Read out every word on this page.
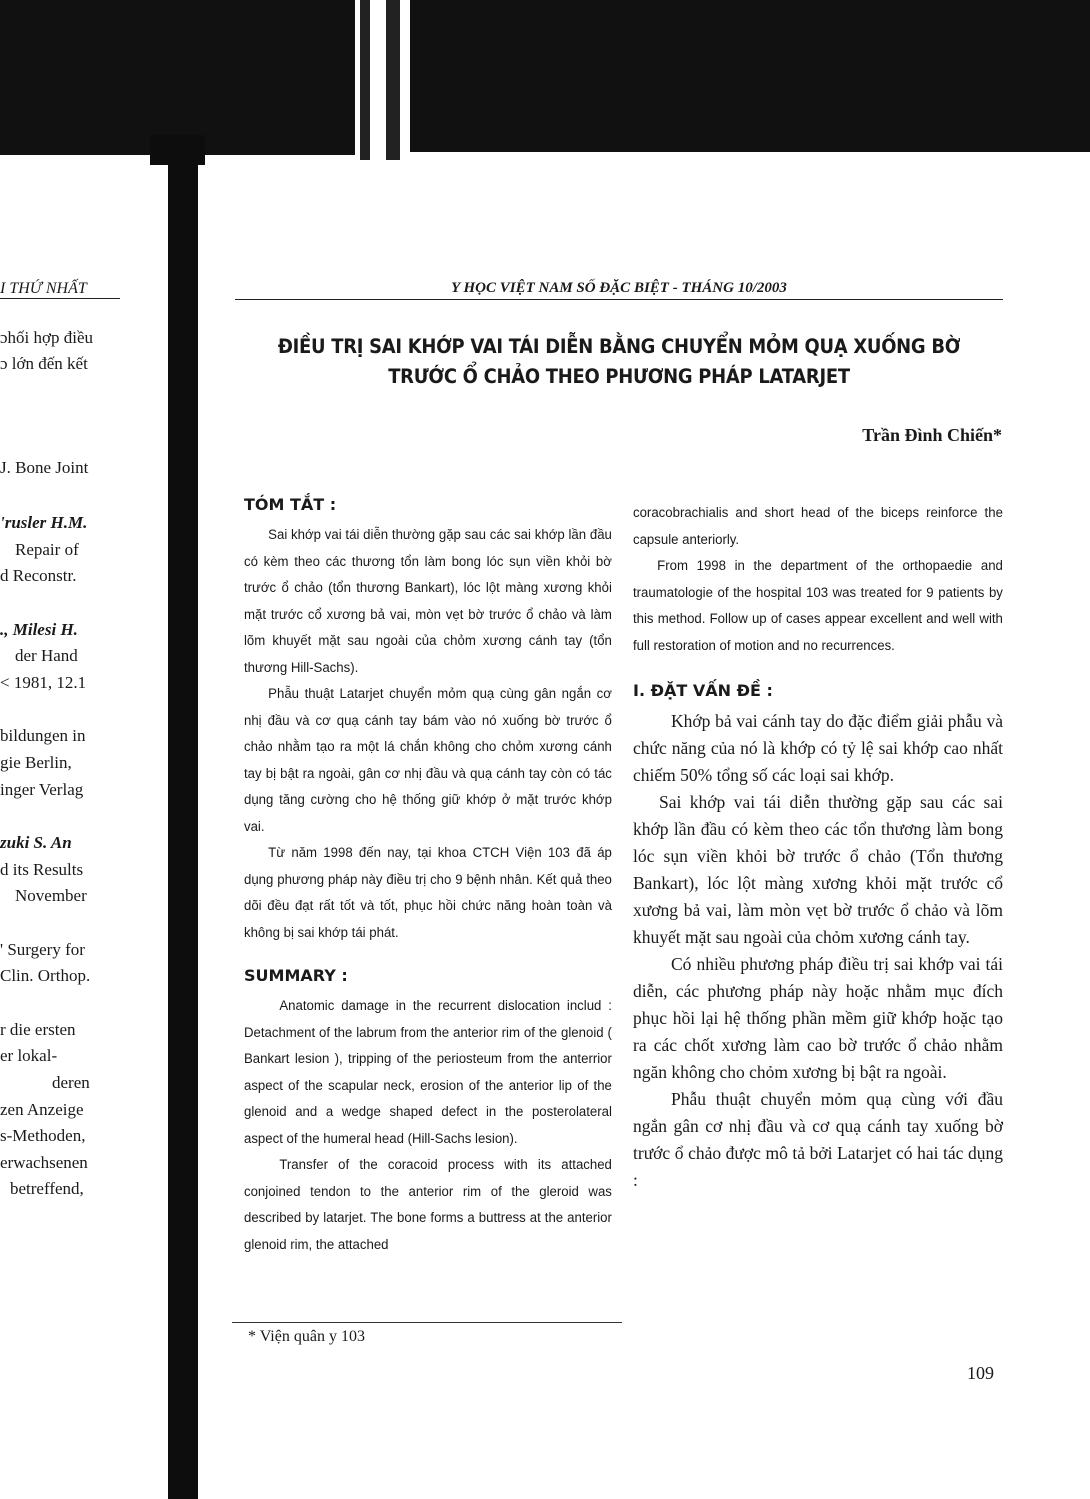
I THỨ NHẤT
ɔhối hợp điều
ɔ lớn đến kết
J. Bone Joint
'rusler H.M.
Repair of
d Reconstr.
., Milesi H.
der Hand
< 1981, 12.1
bildungen in
gie Berlin,
inger Verlag
zuki S. An
d its Results
November
' Surgery for
Clin. Orthop.
r die ersten
er lokal-
deren
zen Anzeige
s-Methoden,
erwachsenen
betreffend,
Y HỌC VIỆT NAM SỐ ĐẶC BIỆT - THÁNG 10/2003
ĐIỀU TRỊ SAI KHỚP VAI TÁI DIỄN BẰNG CHUYỂN MỎM QUẠ XUỐNG BỜ TRƯỚC Ổ CHẢO THEO PHƯƠNG PHÁP LATARJET
Trần Đình Chiến*
TÓM TẮT :

Sai khớp vai tái diễn thường gặp sau các sai khớp lần đầu có kèm theo các thương tổn làm bong lóc sụn viền khỏi bờ trước ổ chảo (tổn thương Bankart), lóc lột màng xương khỏi mặt trước cổ xương bả vai, mòn vẹt bờ trước ổ chảo và làm lõm khuyết mặt sau ngoài của chỏm xương cánh tay (tổn thương Hill-Sachs).

Phẫu thuật Latarjet chuyển mỏm quạ cùng gân ngắn cơ nhị đầu và cơ quạ cánh tay bám vào nó xuống bờ trước ổ chảo nhằm tạo ra một lá chắn không cho chỏm xương cánh tay bị bật ra ngoài, gân cơ nhị đầu và quạ cánh tay còn có tác dụng tăng cường cho hệ thống giữ khớp ở mặt trước khớp vai.

Từ năm 1998 đến nay, tại khoa CTCH Viện 103 đã áp dụng phương pháp này điều trị cho 9 bệnh nhân. Kết quả theo dõi đều đạt rất tốt và tốt, phục hồi chức năng hoàn toàn và không bị sai khớp tái phát.

SUMMARY :

Anatomic damage in the recurrent dislocation includ : Detachment of the labrum from the anterior rim of the glenoid ( Bankart lesion ), tripping of the periosteum from the anterrior aspect of the scapular neck, erosion of the anterior lip of the glenoid and a wedge shaped defect in the posterolateral aspect of the humeral head (Hill-Sachs lesion).

Transfer of the coracoid process with its attached conjoined tendon to the anterior rim of the gleroid was described by latarjet. The bone forms a buttress at the anterior glenoid rim, the attached

coracobrachialis and short head of the biceps reinforce the capsule anteriorly.

From 1998 in the department of the orthopaedie and traumatologie of the hospital 103 was treated for 9 patients by this method. Follow up of cases appear excellent and well with full restoration of motion and no recurrences.

I. ĐẶT VẤN ĐỀ :

Khớp bả vai cánh tay do đặc điểm giải phẫu và chức năng của nó là khớp có tỷ lệ sai khớp cao nhất chiếm 50% tổng số các loại sai khớp.

Sai khớp vai tái diễn thường gặp sau các sai khớp lần đầu có kèm theo các tổn thương làm bong lóc sụn viền khỏi bờ trước ổ chảo (Tổn thương Bankart), lóc lột màng xương khỏi mặt trước cổ xương bả vai, làm mòn vẹt bờ trước ổ chảo và lõm khuyết mặt sau ngoài của chỏm xương cánh tay.

Có nhiều phương pháp điều trị sai khớp vai tái diễn, các phương pháp này hoặc nhằm mục đích phục hồi lại hệ thống phần mềm giữ khớp hoặc tạo ra các chốt xương làm cao bờ trước ổ chảo nhằm ngăn không cho chỏm xương bị bật ra ngoài.

Phẫu thuật chuyển mỏm quạ cùng với đầu ngắn gân cơ nhị đầu và cơ quạ cánh tay xuống bờ trước ổ chảo được mô tả bởi Latarjet có hai tác dụng :

* Viện quân y 103
109
